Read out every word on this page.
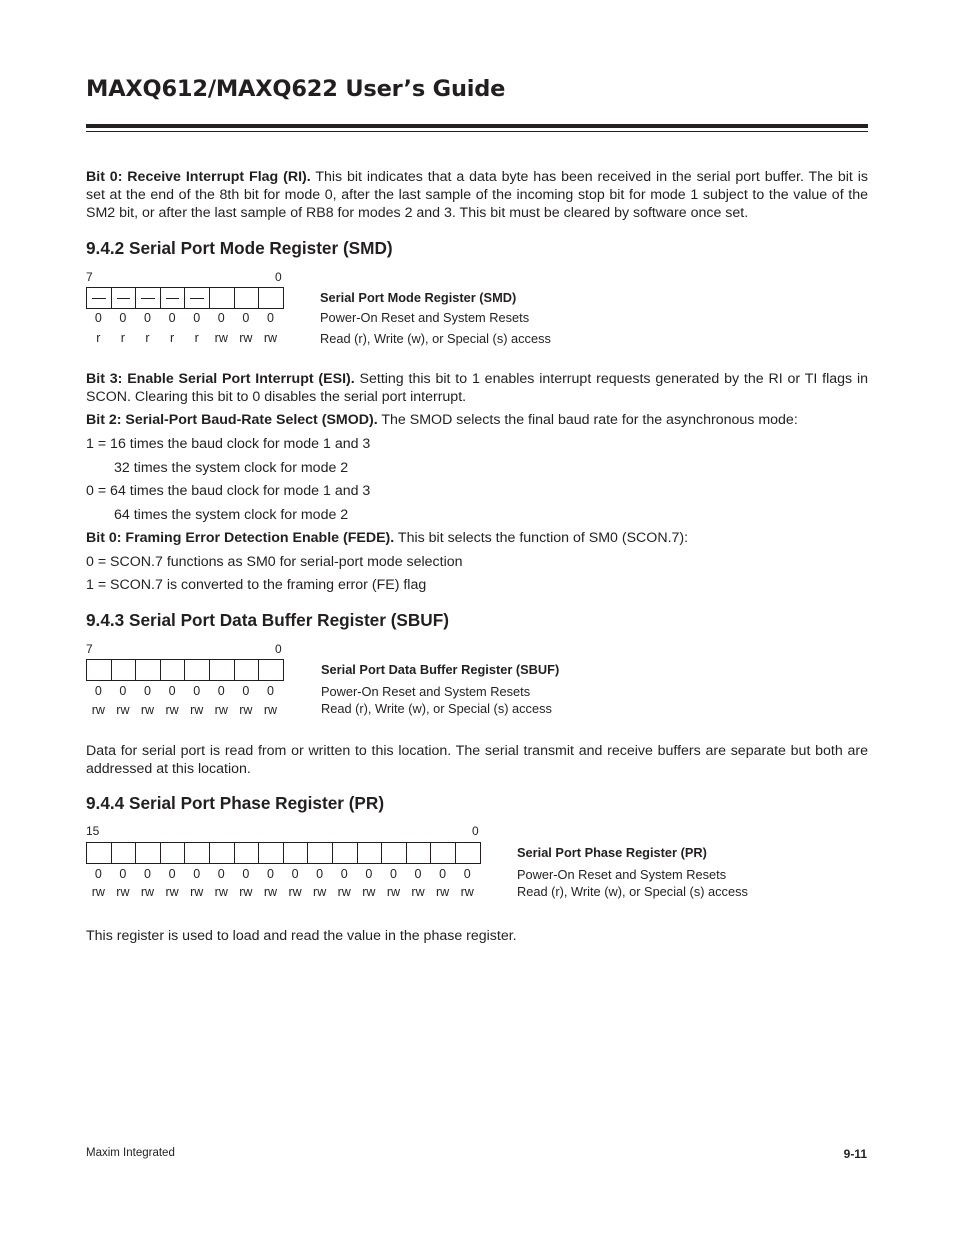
MAXQ612/MAXQ622 User’s Guide

Bit 0: Receive Interrupt Flag (RI). This bit indicates that a data byte has been received in the serial port buffer. The bit is set at the end of the 8th bit for mode 0, after the last sample of the incoming stop bit for mode 1 subject to the value of the SM2 bit, or after the last sample of RB8 for modes 2 and 3. This bit must be cleared by software once set.

9.4.2 Serial Port Mode Register (SMD)
7	0
0	0	0	0	0	0	0	0
r	r	r	r	r	rw rw rw
Serial Port Mode Register (SMD)
Power-On Reset and System Resets
Read (r), Write (w), or Special (s) access

Bit 3: Enable Serial Port Interrupt (ESI). Setting this bit to 1 enables interrupt requests generated by the RI or TI flags in SCON. Clearing this bit to 0 disables the serial port interrupt.

Bit 2: Serial-Port Baud-Rate Select (SMOD). The SMOD selects the final baud rate for the asynchronous mode:

1 = 16 times the baud clock for mode 1 and 3
32 times the system clock for mode 2
0 = 64 times the baud clock for mode 1 and 3
64 times the system clock for mode 2

Bit 0: Framing Error Detection Enable (FEDE). This bit selects the function of SM0 (SCON.7):

0 = SCON.7 functions as SM0 for serial-port mode selection
1 = SCON.7 is converted to the framing error (FE) flag
9.4.3 Serial Port Data Buffer Register (SBUF)
7	0
0	0	0	0	0	0	0	0
rw rw rw rw rw rw rw rw
Serial Port Data Buffer Register (SBUF)
Power-On Reset and System Resets
Read (r), Write (w), or Special (s) access

Data for serial port is read from or written to this location. The serial transmit and receive buffers are separate but both are addressed at this location.

9.4.4 Serial Port Phase Register (PR)
15	0
0	0	0	0	0	0	0	0	0	0	0	0	0	0	0	0
rw rw rw rw rw rw rw rw rw rw rw rw rw rw rw rw
Serial Port Phase Register (PR)
Power-On Reset and System Resets
Read (r), Write (w), or Special (s) access

This register is used to load and read the value in the phase register.

Maxim Integrated	9-11
